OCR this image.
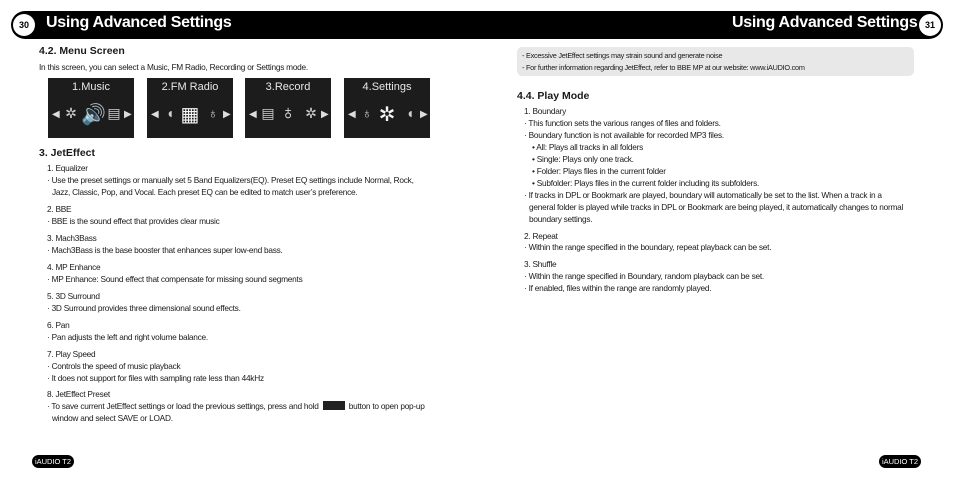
30	Using Advanced Settings	Using Advanced Settings 31
4.2. Menu Screen
In this screen, you can select a Music, FM Radio, Recording or Settings mode.
1.Music
◀ ✲ 🔊 ▤ ▶
2.FM Radio
◀ ◖ ▦ ♁ ▶
3.Record
◀ ▤ ♁ ✲ ▶
4.Settings
◀ ♁ ✲ ◖ ▶
3. JetEffect
1. Equalizer
· Use the preset settings or manually set 5 Band Equalizers(EQ). Preset EQ settings include Normal, Rock,
Jazz, Classic, Pop, and Vocal. Each preset EQ can be edited to match user’s preference.
2. BBE
· BBE is the sound effect that provides clear music
3. Mach3Bass
· Mach3Bass is the base booster that enhances super low-end bass.
4. MP Enhance
· MP Enhance: Sound effect that compensate for missing sound segments
5. 3D Surround
· 3D Surround provides three dimensional sound effects.
6. Pan
· Pan adjusts the left and right volume balance.
7. Play Speed
· Controls the speed of music playback
· It does not support for files with sampling rate less than 44kHz
8. JetEffect Preset
· To save current JetEffect settings or load the previous settings, press and hold	button to open pop-up
window and select SAVE or LOAD.
- Excessive JetEffect settings may strain sound and generate noise
- For further information regarding JetEffect, refer to BBE MP at our website: www.iAUDIO.com
4.4. Play Mode
1. Boundary
· This function sets the various ranges of files and folders.
· Boundary function is not available for recorded MP3 files.
• All: Plays all tracks in all folders
• Single: Plays only one track.
• Folder: Plays files in the current folder
• Subfolder: Plays files in the current folder including its subfolders.
· If tracks in DPL or Bookmark are played, boundary will automatically be set to the list. When a track in a
general folder is played while tracks in DPL or Bookmark are being played, it automatically changes to normal
boundary settings.
2. Repeat
· Within the range specified in the boundary, repeat playback can be set.
3. Shuffle
· Within the range specified in Boundary, random playback can be set.
· If enabled, files within the range are randomly played.
iAUDIO T2	iAUDIO T2
